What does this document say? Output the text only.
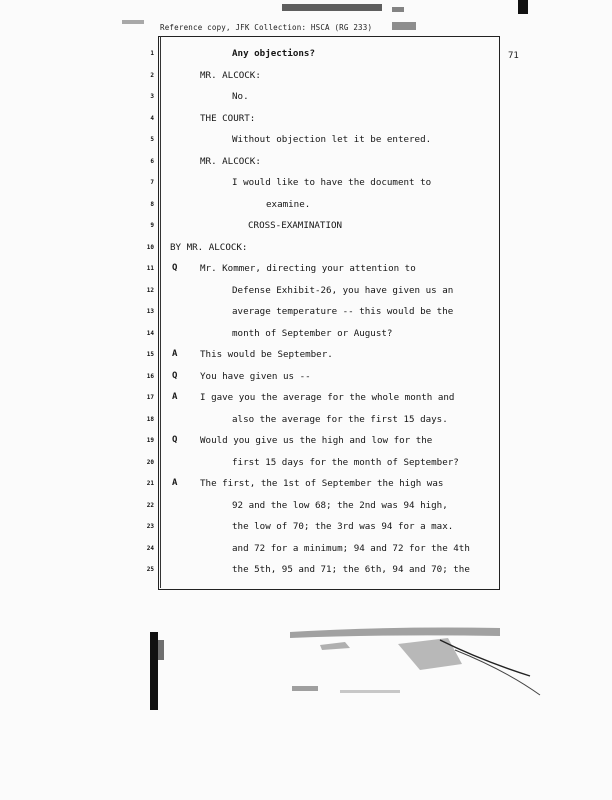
Reference copy, JFK Collection: HSCA (RG 233)
71
1	Any objections?
2	MR. ALCOCK:
3	No.
4	THE COURT:
5	Without objection let it be entered.
6	MR. ALCOCK:
7	I would like to have the document to
8	examine.
9	CROSS-EXAMINATION
10 BY MR. ALCOCK:
11 Q Mr. Kommer, directing your attention to
12	Defense Exhibit-26, you have given us an
13	average temperature -- this would be the
14	month of September or August?
15 A This would be September.
16 Q You have given us --
17 A I gave you the average for the whole month and
18	also the average for the first 15 days.
19 Q Would you give us the high and low for the
20	first 15 days for the month of September?
21 A The first, the 1st of September the high was
22	92 and the low 68; the 2nd was 94 high,
23	the low of 70; the 3rd was 94 for a max.
24	and 72 for a minimum; 94 and 72 for the 4th
25	the 5th, 95 and 71; the 6th, 94 and 70; the
